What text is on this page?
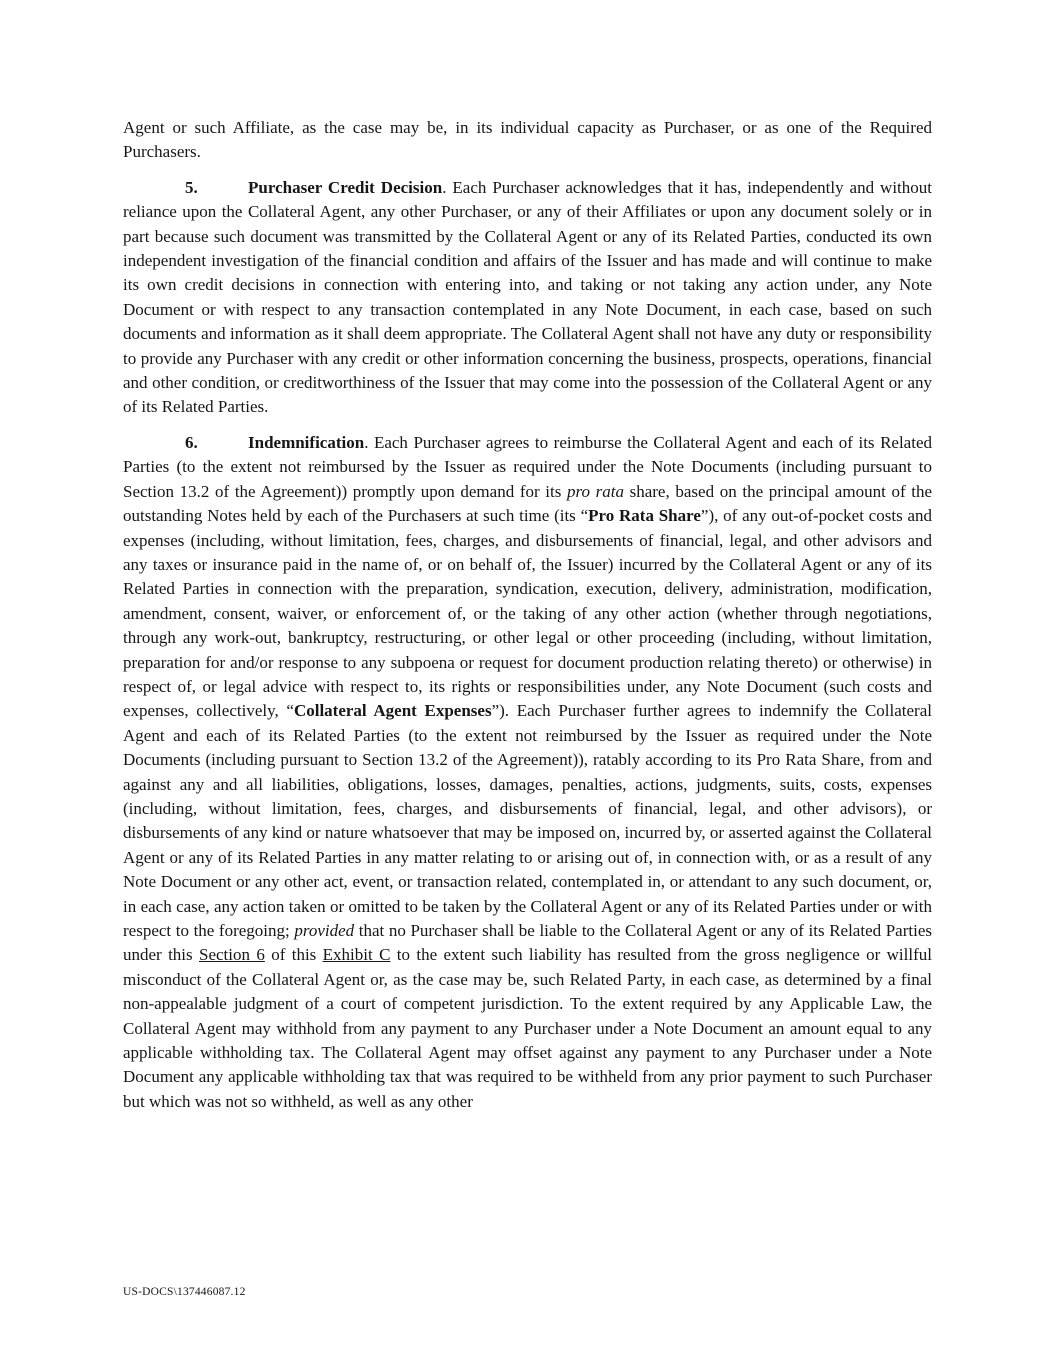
Agent or such Affiliate, as the case may be, in its individual capacity as Purchaser, or as one of the Required Purchasers.

5.	Purchaser Credit Decision. Each Purchaser acknowledges that it has, independently and without reliance upon the Collateral Agent, any other Purchaser, or any of their Affiliates or upon any document solely or in part because such document was transmitted by the Collateral Agent or any of its Related Parties, conducted its own independent investigation of the financial condition and affairs of the Issuer and has made and will continue to make its own credit decisions in connection with entering into, and taking or not taking any action under, any Note Document or with respect to any transaction contemplated in any Note Document, in each case, based on such documents and information as it shall deem appropriate. The Collateral Agent shall not have any duty or responsibility to provide any Purchaser with any credit or other information concerning the business, prospects, operations, financial and other condition, or creditworthiness of the Issuer that may come into the possession of the Collateral Agent or any of its Related Parties.

6.	Indemnification. Each Purchaser agrees to reimburse the Collateral Agent and each of its Related Parties (to the extent not reimbursed by the Issuer as required under the Note Documents (including pursuant to Section 13.2 of the Agreement)) promptly upon demand for its pro rata share, based on the principal amount of the outstanding Notes held by each of the Purchasers at such time (its “Pro Rata Share”), of any out-of-pocket costs and expenses (including, without limitation, fees, charges, and disbursements of financial, legal, and other advisors and any taxes or insurance paid in the name of, or on behalf of, the Issuer) incurred by the Collateral Agent or any of its Related Parties in connection with the preparation, syndication, execution, delivery, administration, modification, amendment, consent, waiver, or enforcement of, or the taking of any other action (whether through negotiations, through any work-out, bankruptcy, restructuring, or other legal or other proceeding (including, without limitation, preparation for and/or response to any subpoena or request for document production relating thereto) or otherwise) in respect of, or legal advice with respect to, its rights or responsibilities under, any Note Document (such costs and expenses, collectively, “Collateral Agent Expenses”). Each Purchaser further agrees to indemnify the Collateral Agent and each of its Related Parties (to the extent not reimbursed by the Issuer as required under the Note Documents (including pursuant to Section 13.2 of the Agreement)), ratably according to its Pro Rata Share, from and against any and all liabilities, obligations, losses, damages, penalties, actions, judgments, suits, costs, expenses (including, without limitation, fees, charges, and disbursements of financial, legal, and other advisors), or disbursements of any kind or nature whatsoever that may be imposed on, incurred by, or asserted against the Collateral Agent or any of its Related Parties in any matter relating to or arising out of, in connection with, or as a result of any Note Document or any other act, event, or transaction related, contemplated in, or attendant to any such document, or, in each case, any action taken or omitted to be taken by the Collateral Agent or any of its Related Parties under or with respect to the foregoing; provided that no Purchaser shall be liable to the Collateral Agent or any of its Related Parties under this Section 6 of this Exhibit C to the extent such liability has resulted from the gross negligence or willful misconduct of the Collateral Agent or, as the case may be, such Related Party, in each case, as determined by a final non-appealable judgment of a court of competent jurisdiction. To the extent required by any Applicable Law, the Collateral Agent may withhold from any payment to any Purchaser under a Note Document an amount equal to any applicable withholding tax. The Collateral Agent may offset against any payment to any Purchaser under a Note Document any applicable withholding tax that was required to be withheld from any prior payment to such Purchaser but which was not so withheld, as well as any other

US-DOCS\137446087.12
